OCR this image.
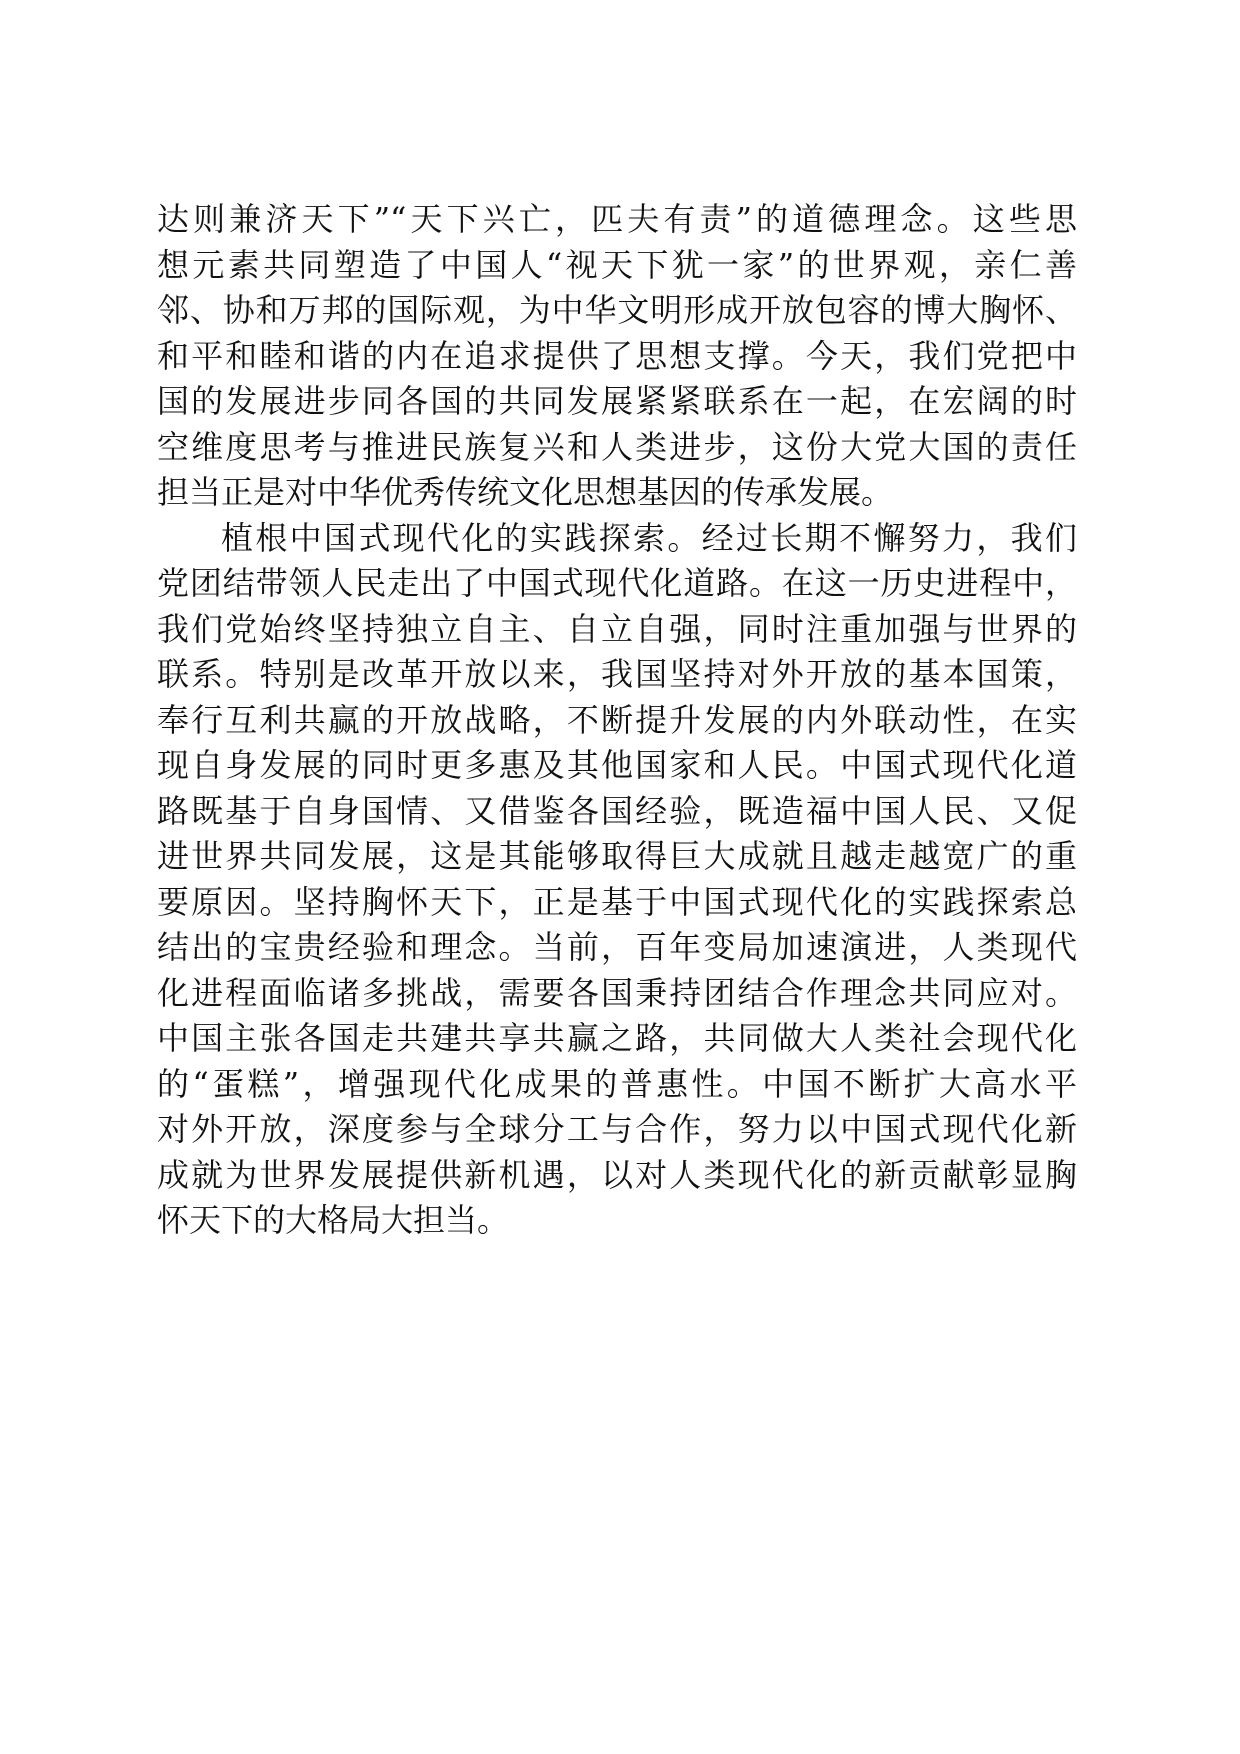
达则兼济天下”“天下兴亡，匹夫有责”的道德理念。这些思
想元素共同塑造了中国人“视天下犹一家”的世界观，亲仁善
邻、协和万邦的国际观，为中华文明形成开放包容的博大胸怀、
和平和睦和谐的内在追求提供了思想支撑。今天，我们党把中
国的发展进步同各国的共同发展紧紧联系在一起，在宏阔的时
空维度思考与推进民族复兴和人类进步，这份大党大国的责任
担当正是对中华优秀传统文化思想基因的传承发展。
植根中国式现代化的实践探索。经过长期不懈努力，我们
党团结带领人民走出了中国式现代化道路。在这一历史进程中，
我们党始终坚持独立自主、自立自强，同时注重加强与世界的
联系。特别是改革开放以来，我国坚持对外开放的基本国策，
奉行互利共赢的开放战略，不断提升发展的内外联动性，在实
现自身发展的同时更多惠及其他国家和人民。中国式现代化道
路既基于自身国情、又借鉴各国经验，既造福中国人民、又促
进世界共同发展，这是其能够取得巨大成就且越走越宽广的重
要原因。坚持胸怀天下，正是基于中国式现代化的实践探索总
结出的宝贵经验和理念。当前，百年变局加速演进，人类现代
化进程面临诸多挑战，需要各国秉持团结合作理念共同应对。
中国主张各国走共建共享共赢之路，共同做大人类社会现代化
的“蛋糕”，增强现代化成果的普惠性。中国不断扩大高水平
对外开放，深度参与全球分工与合作，努力以中国式现代化新
成就为世界发展提供新机遇，以对人类现代化的新贡献彰显胸
怀天下的大格局大担当。
